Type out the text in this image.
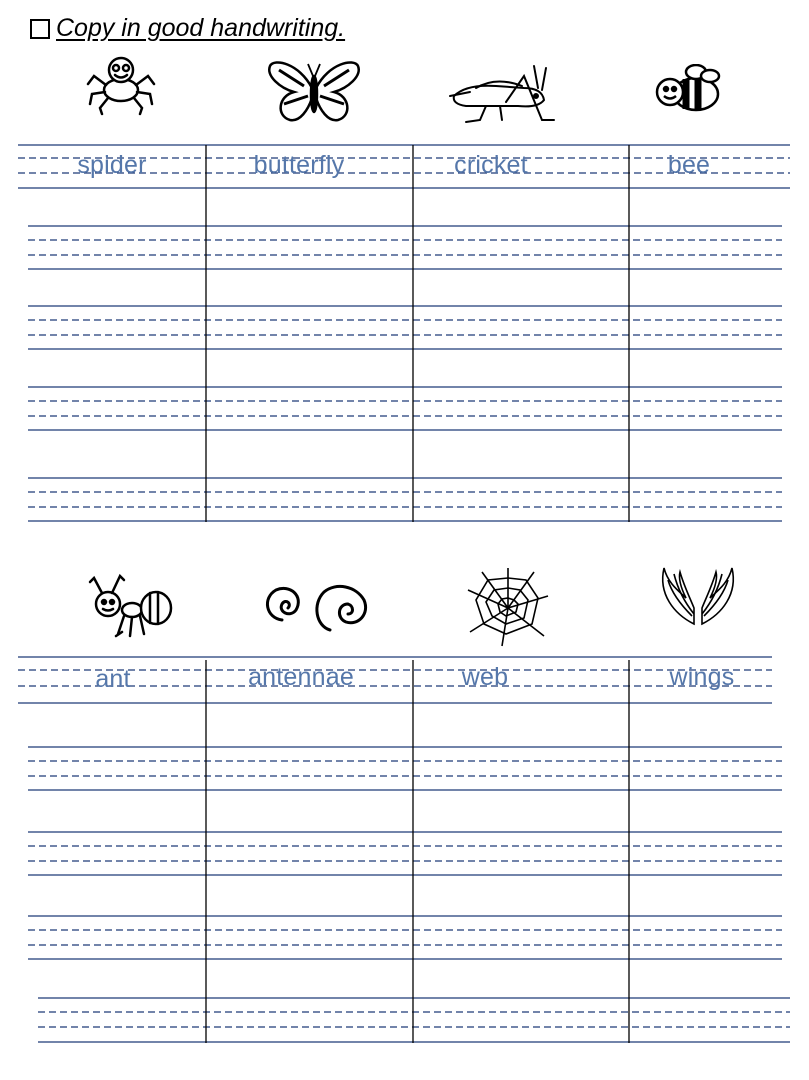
Copy in good handwriting.
spider	butterfly	cricket	bee
ant	antennae	web	wings
